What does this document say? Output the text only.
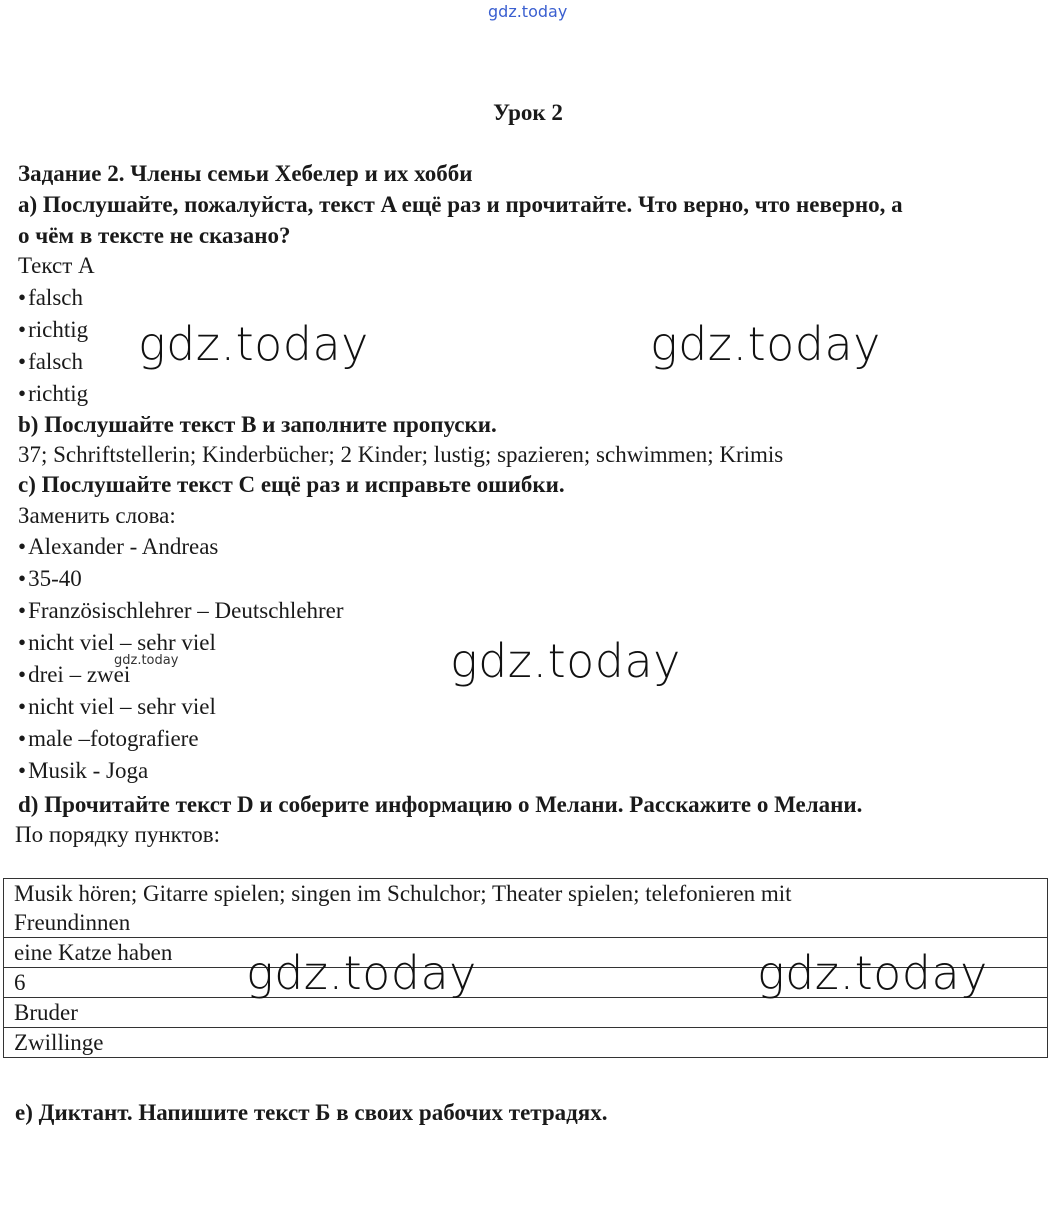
gdz.today
Урок 2
Задание 2. Члены семьи Хебелер и их хобби
а) Послушайте, пожалуйста, текст A ещё раз и прочитайте. Что верно, что неверно, а
о чём в тексте не сказано?
Текст A
• falsch
• richtig
• falsch
• richtig
b) Послушайте текст B и заполните пропуски.
37; Schriftstellerin; Kinderbücher; 2 Kinder; lustig; spazieren; schwimmen; Krimis
c) Послушайте текст C ещё раз и исправьте ошибки.
Заменить слова:
• Alexander - Andreas
• 35-40
• Französischlehrer – Deutschlehrer
• nicht viel – sehr viel
• drei – zwei
• nicht viel – sehr viel
• male –fotografiere
• Musik - Joga
d) Прочитайте текст D и соберите информацию о Мелани. Расскажите о Мелани.
По порядку пунктов:
Musik hören; Gitarre spielen; singen im Schulchor; Theater spielen; telefonieren mit
Freundinnen
eine Katze haben
6
Bruder
Zwillinge
e) Диктант. Напишите текст Б в своих рабочих тетрадях.
gdz.today	gdz.today
gdz.today
gdz.today	gdz.today
gdz.today
